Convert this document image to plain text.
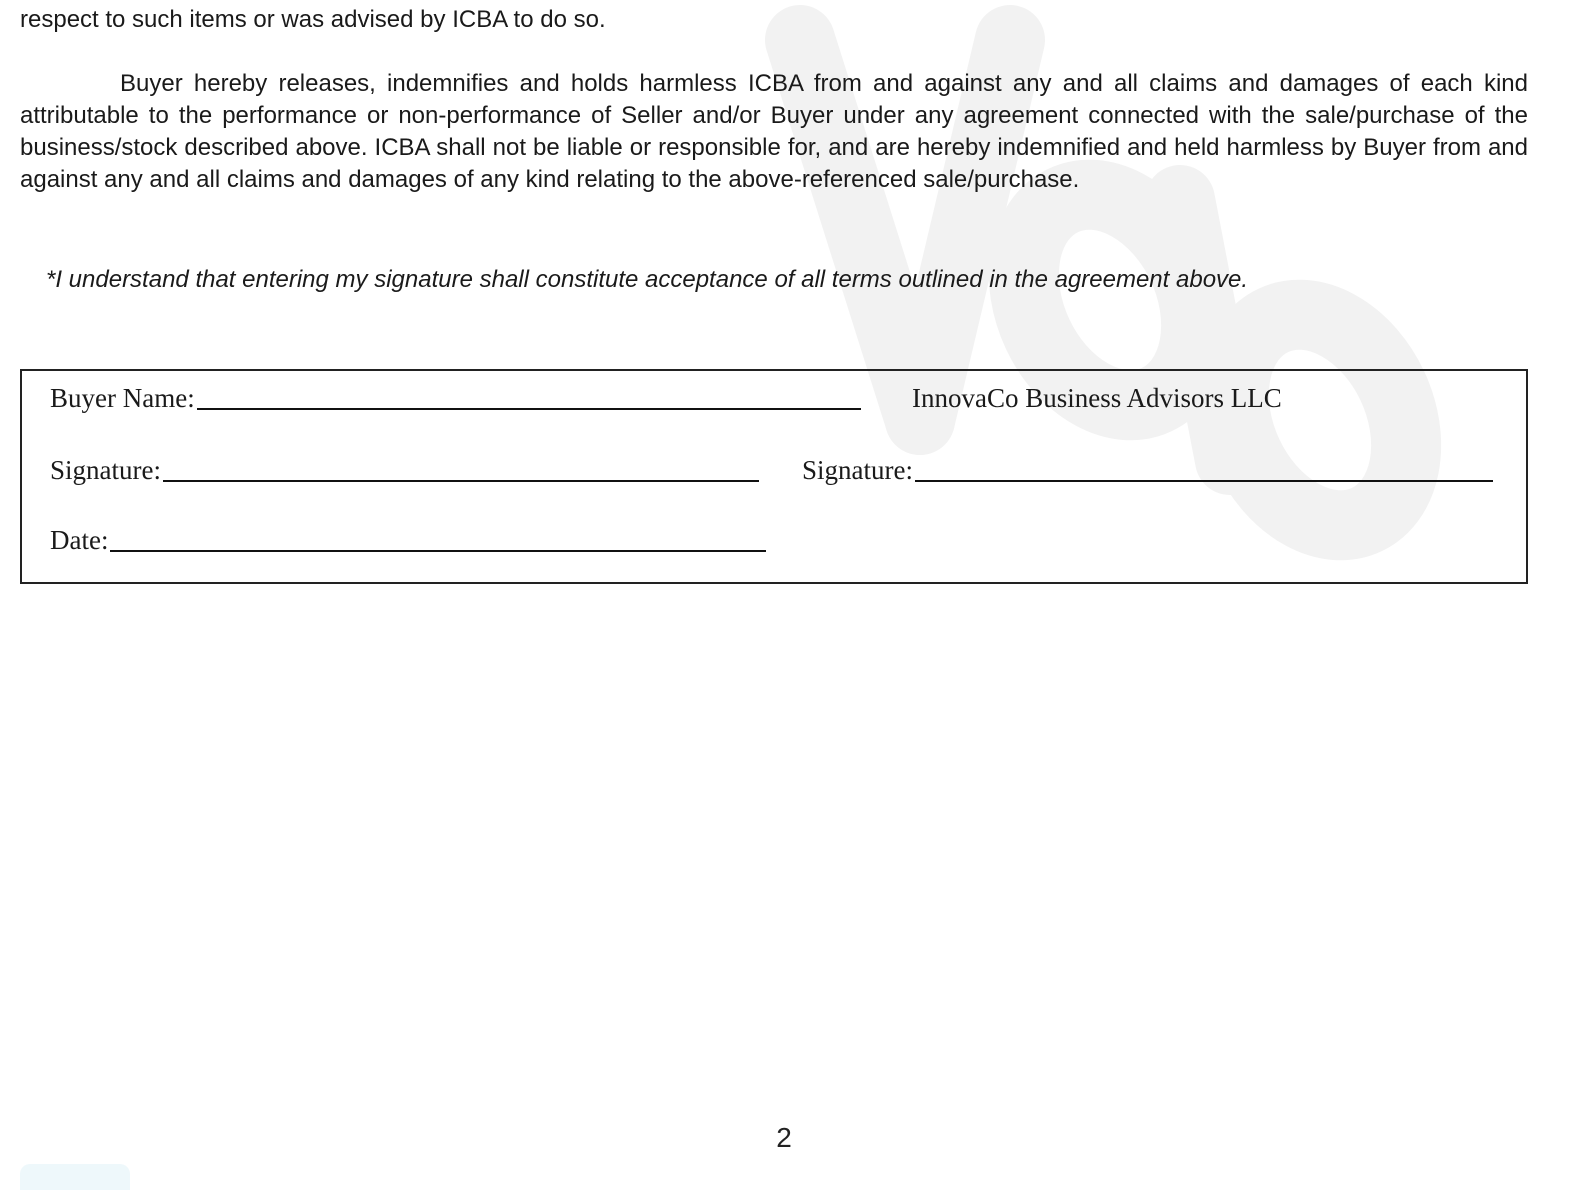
respect to such items or was advised by ICBA to do so.
Buyer hereby releases, indemnifies and holds harmless ICBA from and against any and all claims and damages of each kind attributable to the performance or non-performance of Seller and/or Buyer under any agreement connected with the sale/purchase of the business/stock described above. ICBA shall not be liable or responsible for, and are hereby indemnified and held harmless by Buyer from and against any and all claims and damages of any kind relating to the above-referenced sale/purchase.
*I understand that entering my signature shall constitute acceptance of all terms outlined in the agreement above.
Buyer Name:	InnovaCo Business Advisors LLC
Signature:	Signature:
Date:
2
